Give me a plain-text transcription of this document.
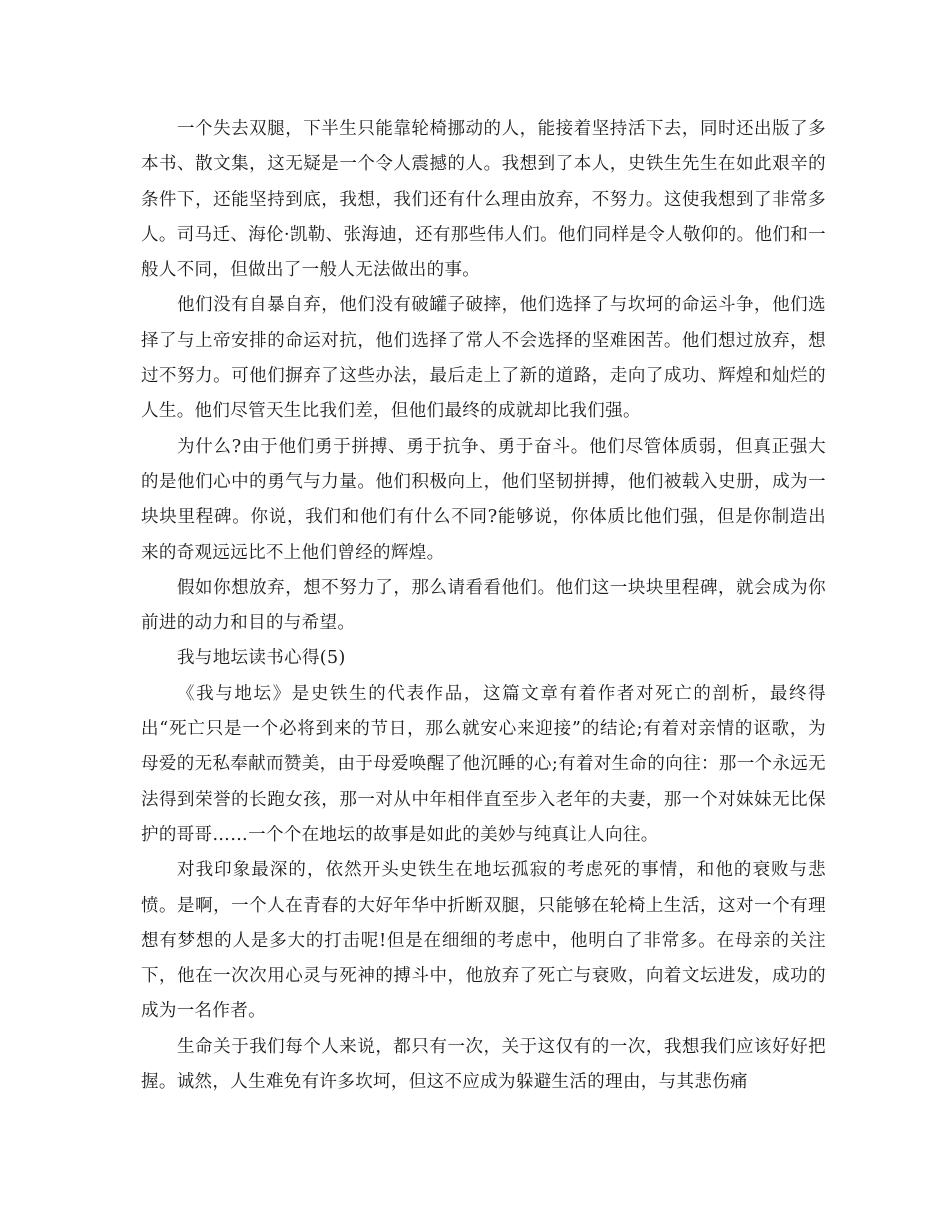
一个失去双腿，下半生只能靠轮椅挪动的人，能接着坚持活下去，同时还出版了多本书、散文集，这无疑是一个令人震撼的人。我想到了本人，史铁生先生在如此艰辛的条件下，还能坚持到底，我想，我们还有什么理由放弃，不努力。这使我想到了非常多人。司马迁、海伦·凯勒、张海迪，还有那些伟人们。他们同样是令人敬仰的。他们和一般人不同，但做出了一般人无法做出的事。

他们没有自暴自弃，他们没有破罐子破摔，他们选择了与坎坷的命运斗争，他们选择了与上帝安排的命运对抗，他们选择了常人不会选择的坚难困苦。他们想过放弃，想过不努力。可他们摒弃了这些办法，最后走上了新的道路，走向了成功、辉煌和灿烂的人生。他们尽管天生比我们差，但他们最终的成就却比我们强。

为什么?由于他们勇于拼搏、勇于抗争、勇于奋斗。他们尽管体质弱，但真正强大的是他们心中的勇气与力量。他们积极向上，他们坚韧拼搏，他们被载入史册，成为一块块里程碑。你说，我们和他们有什么不同?能够说，你体质比他们强，但是你制造出来的奇观远远比不上他们曾经的辉煌。

假如你想放弃，想不努力了，那么请看看他们。他们这一块块里程碑，就会成为你前进的动力和目的与希望。

我与地坛读书心得(5)

《我与地坛》是史铁生的代表作品，这篇文章有着作者对死亡的剖析，最终得出“死亡只是一个必将到来的节日，那么就安心来迎接”的结论;有着对亲情的讴歌，为母爱的无私奉献而赞美，由于母爱唤醒了他沉睡的心;有着对生命的向往：那一个永远无法得到荣誉的长跑女孩，那一对从中年相伴直至步入老年的夫妻，那一个对妹妹无比保护的哥哥……一个个在地坛的故事是如此的美妙与纯真让人向往。

对我印象最深的，依然开头史铁生在地坛孤寂的考虑死的事情，和他的衰败与悲愤。是啊，一个人在青春的大好年华中折断双腿，只能够在轮椅上生活，这对一个有理想有梦想的人是多大的打击呢!但是在细细的考虑中，他明白了非常多。在母亲的关注下，他在一次次用心灵与死神的搏斗中，他放弃了死亡与衰败，向着文坛进发，成功的成为一名作者。

生命关于我们每个人来说，都只有一次，关于这仅有的一次，我想我们应该好好把握。诚然，人生难免有许多坎坷，但这不应成为躲避生活的理由，与其悲伤痛
